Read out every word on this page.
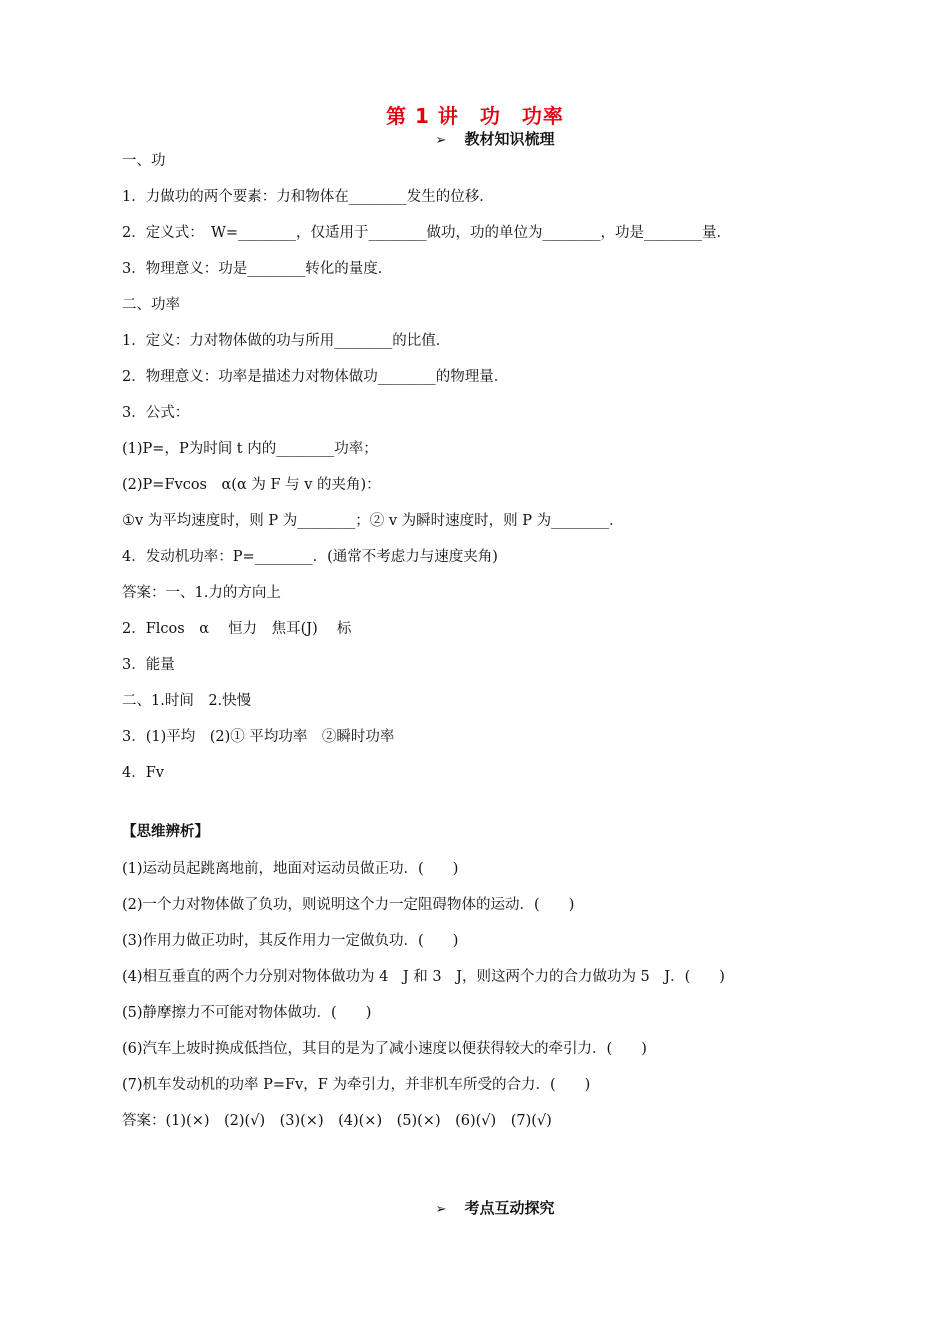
第 1 讲　功　功率
➢ 教材知识梳理
一、功
1．力做功的两个要素：力和物体在________发生的位移．
2．定义式：　W=________，仅适用于________做功，功的单位为________，功是________量．
3．物理意义：功是________转化的量度．
二、功率
1．定义：力对物体做的功与所用________的比值．
2．物理意义：功率是描述力对物体做功________的物理量．
3．公式：
(1)P=，P为时间 t 内的________功率；
(2)P=Fvcos　α(α 为 F 与 v 的夹角)：
①v 为平均速度时，则 P 为________；② v 为瞬时速度时，则 P 为________．
4．发动机功率：P=________．(通常不考虑力与速度夹角)
答案：一、1.力的方向上
2．Flcos　α　 恒力　焦耳(J)　 标
3．能量
二、1.时间　2.快慢
3．(1)平均　(2)① 平均功率　②瞬时功率
4．Fv
【思维辨析】
(1)运动员起跳离地前，地面对运动员做正功．(　　)
(2)一个力对物体做了负功，则说明这个力一定阻碍物体的运动．(　　)
(3)作用力做正功时，其反作用力一定做负功．(　　)
(4)相互垂直的两个力分别对物体做功为 4　J 和 3　J，则这两个力的合力做功为 5　J．(　　)
(5)静摩擦力不可能对物体做功．(　　)
(6)汽车上坡时换成低挡位，其目的是为了减小速度以便获得较大的牵引力．(　　)
(7)机车发动机的功率 P=Fv，F 为牵引力，并非机车所受的合力．(　　)
答案：(1)(×)　(2)(√)　(3)(×)　(4)(×)　(5)(×)　(6)(√)　(7)(√)
➢ 考点互动探究
